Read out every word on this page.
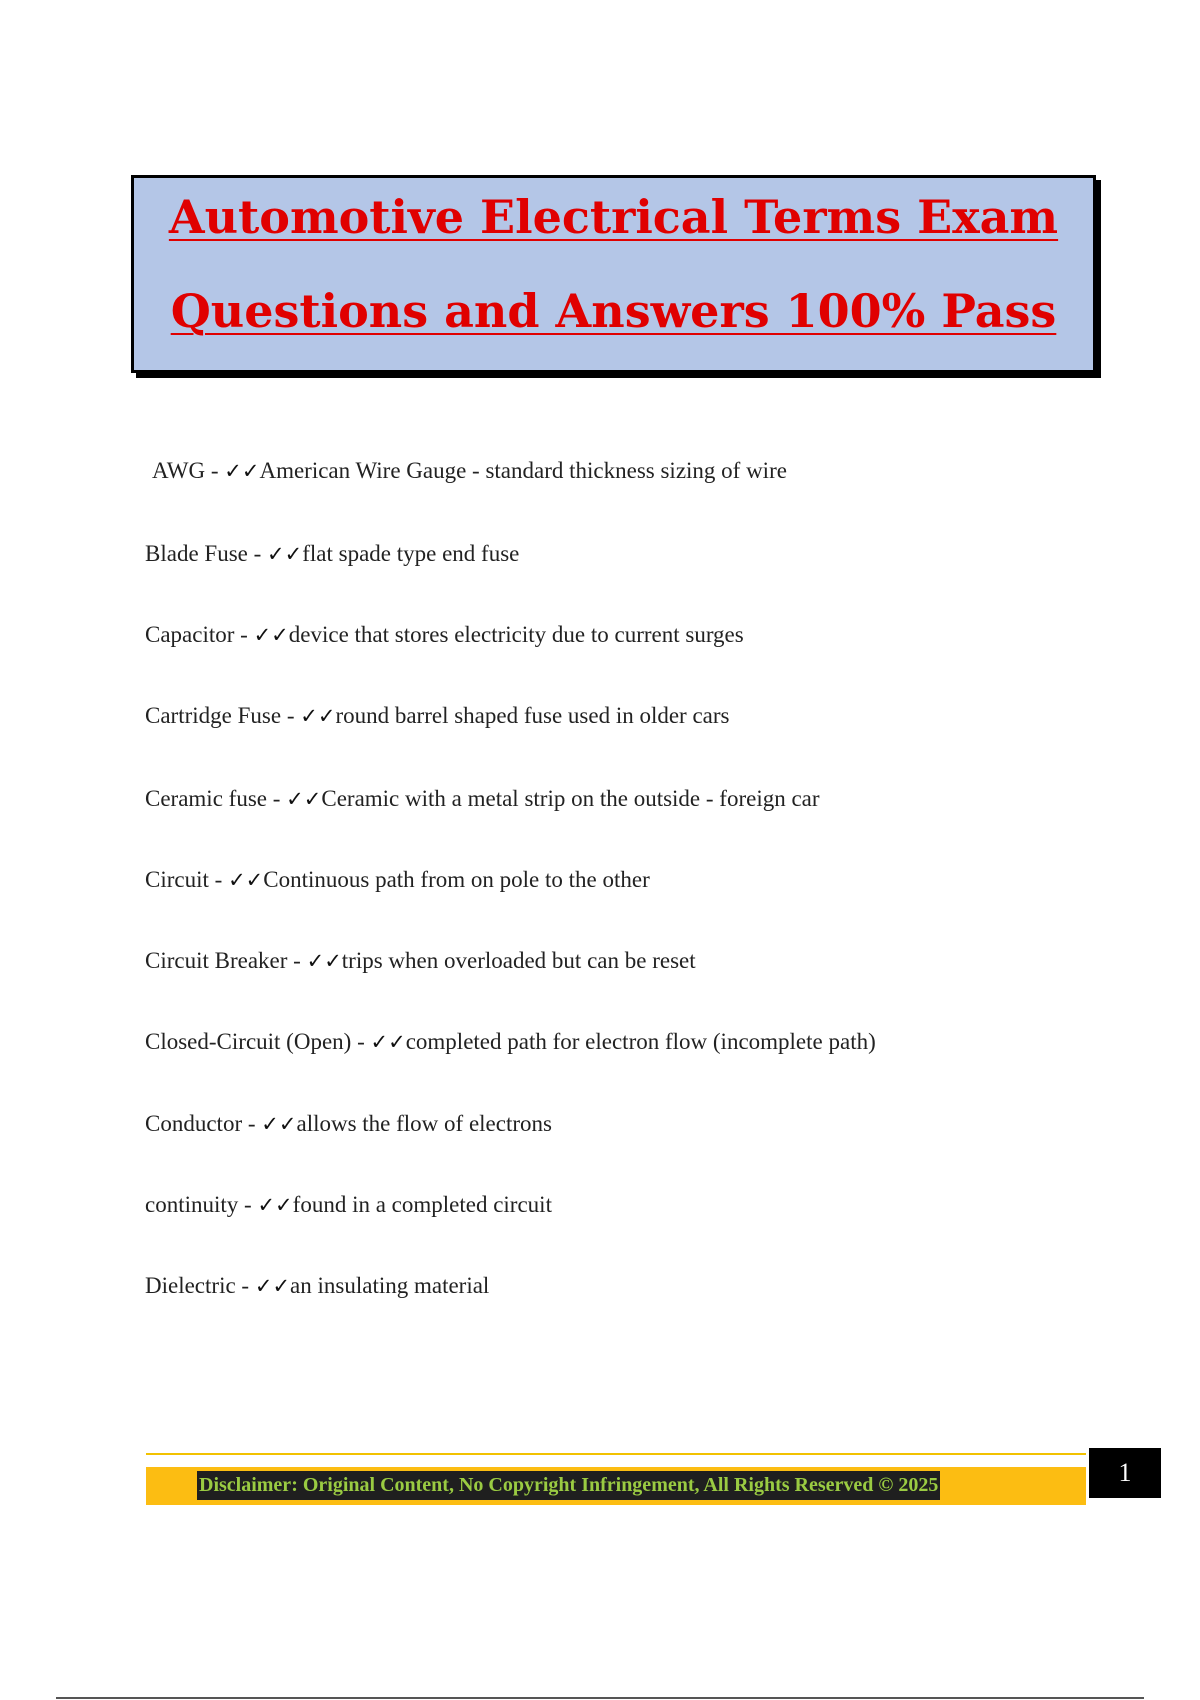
Automotive Electrical Terms Exam
Questions and Answers 100% Pass
AWG - ✓✓American Wire Gauge - standard thickness sizing of wire
Blade Fuse - ✓✓flat spade type end fuse
Capacitor - ✓✓device that stores electricity due to current surges
Cartridge Fuse - ✓✓round barrel shaped fuse used in older cars
Ceramic fuse - ✓✓Ceramic with a metal strip on the outside - foreign car
Circuit - ✓✓Continuous path from on pole to the other
Circuit Breaker - ✓✓trips when overloaded but can be reset
Closed-Circuit (Open) - ✓✓completed path for electron flow (incomplete path)
Conductor - ✓✓allows the flow of electrons
continuity - ✓✓found in a completed circuit
Dielectric - ✓✓an insulating material
Disclaimer: Original Content, No Copyright Infringement, All Rights Reserved © 2025	1
